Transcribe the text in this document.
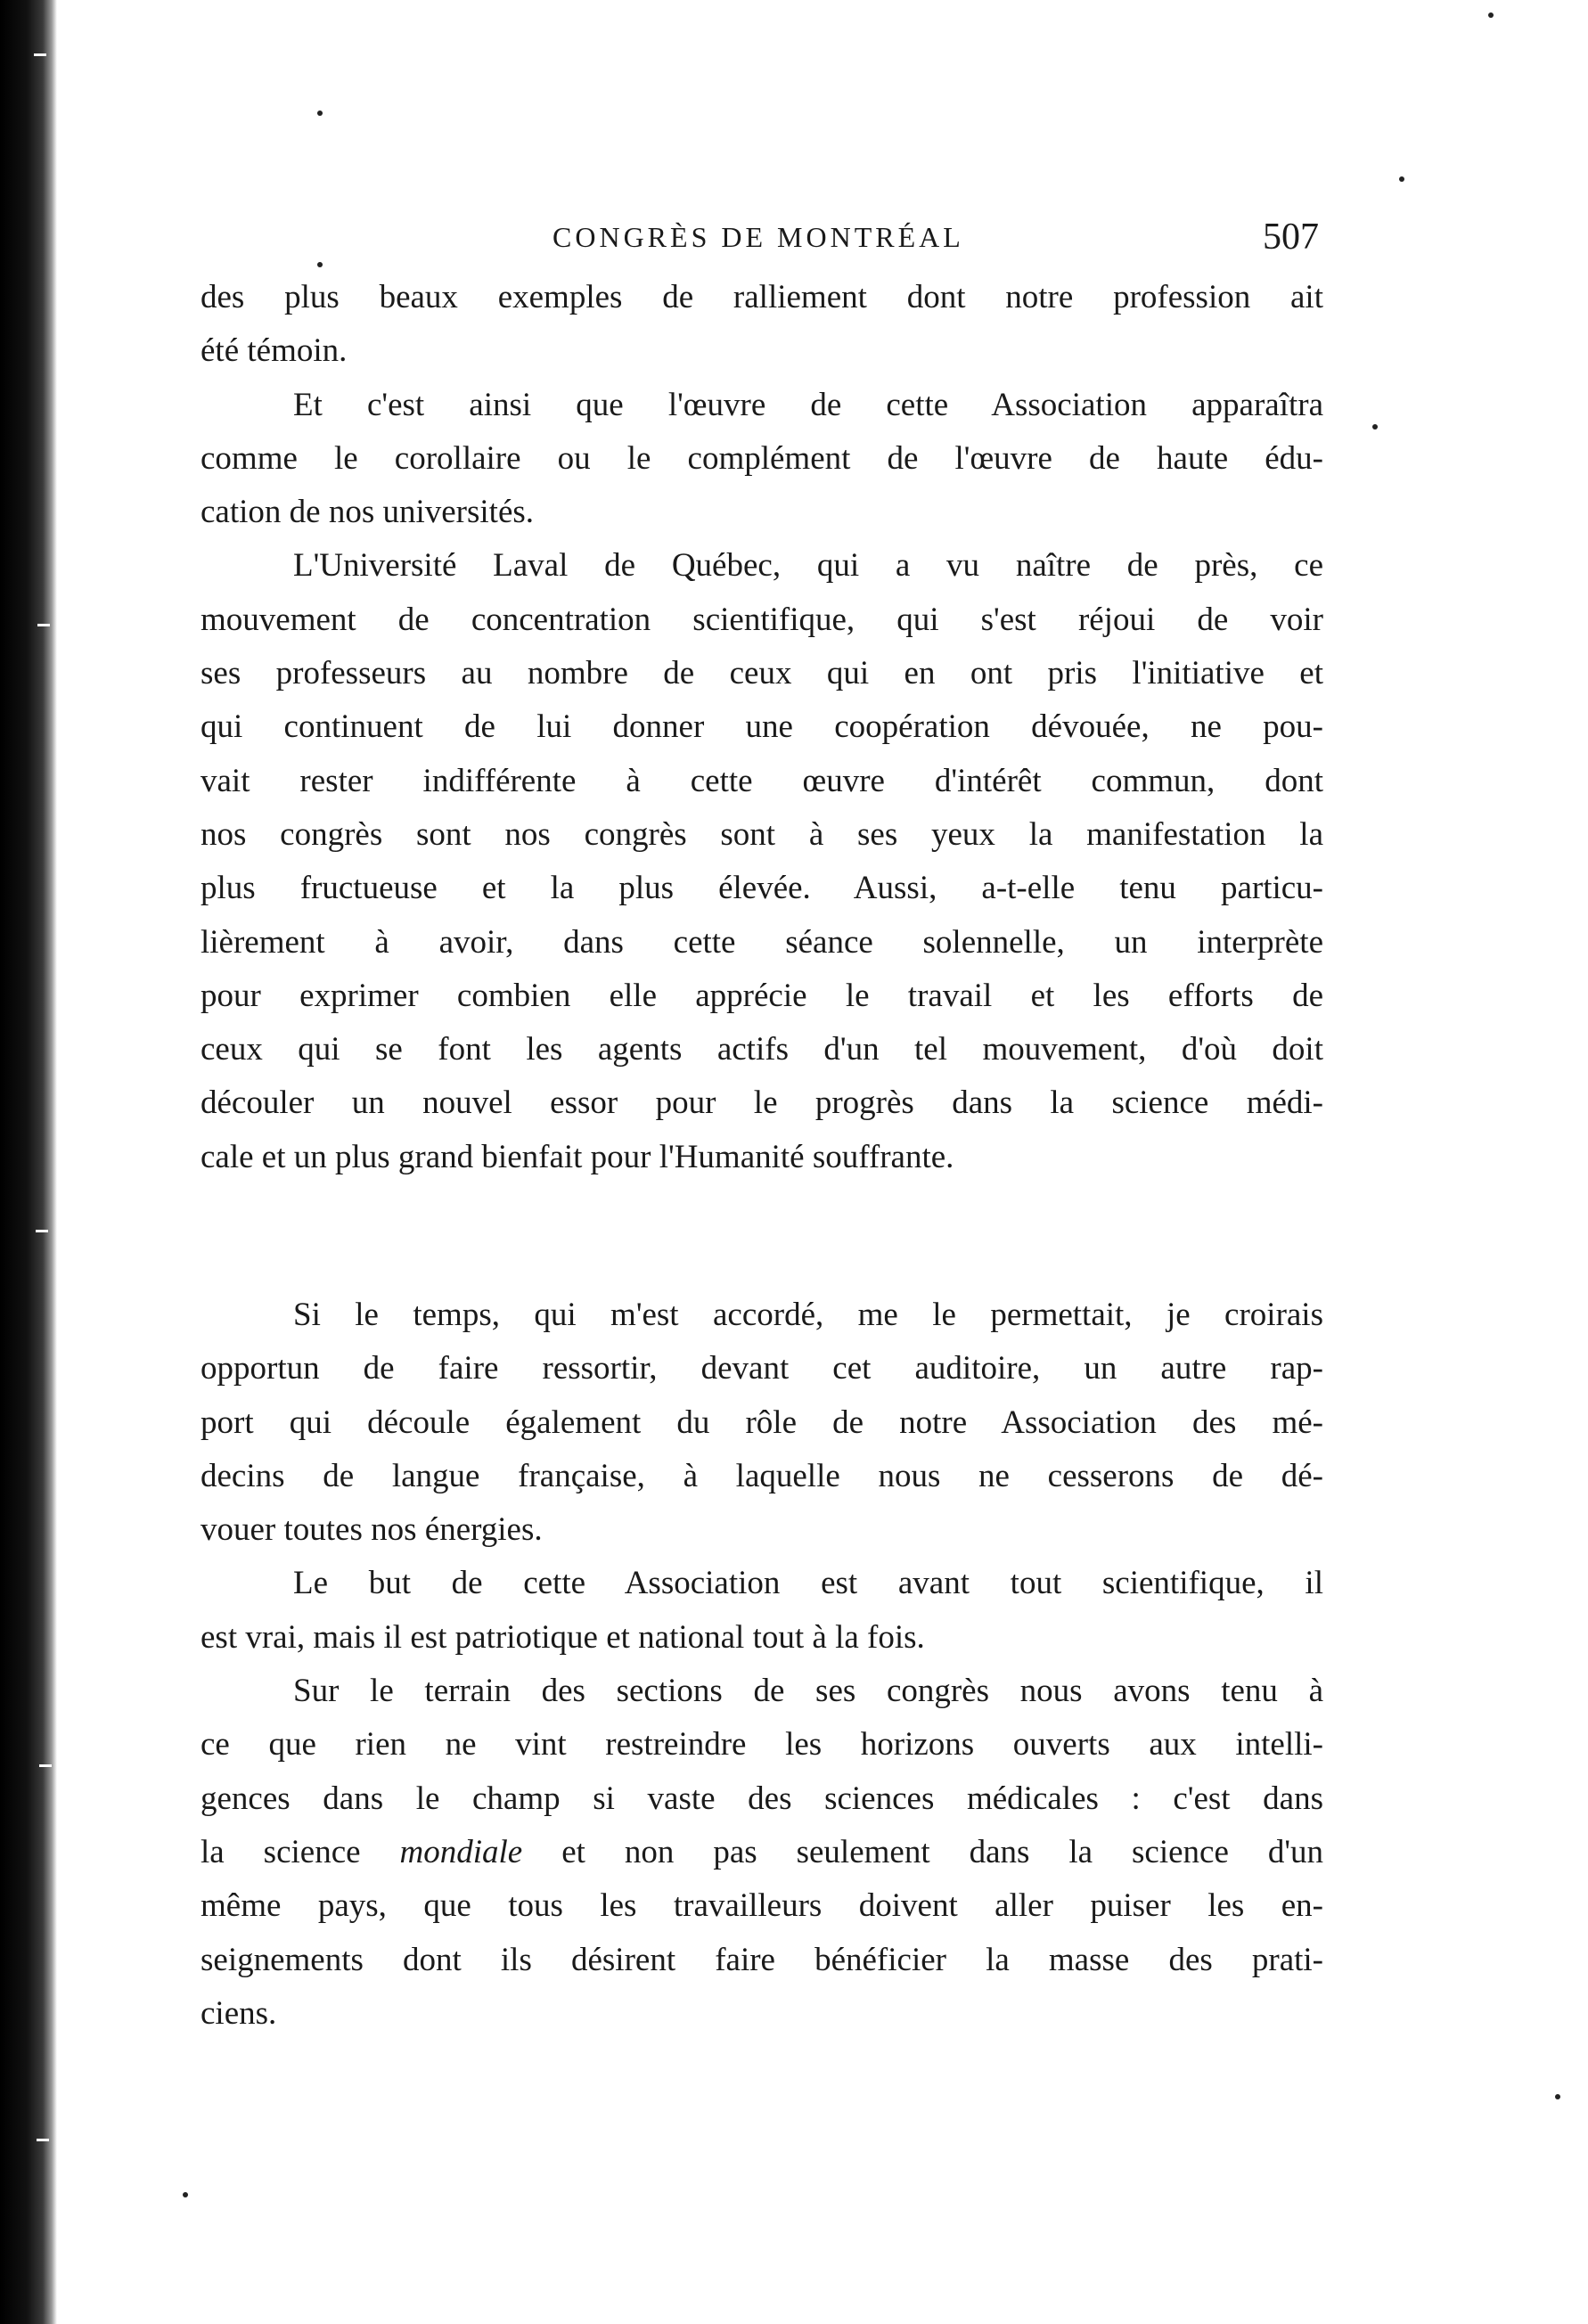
CONGRÈS DE MONTRÉAL	507
des plus beaux exemples de ralliement dont notre profession ait
été témoin.
Et c'est ainsi que l'œuvre de cette Association apparaîtra
comme le corollaire ou le complément de l'œuvre de haute édu-
cation de nos universités.
L'Université Laval de Québec, qui a vu naître de près, ce
mouvement de concentration scientifique, qui s'est réjoui de voir
ses professeurs au nombre de ceux qui en ont pris l'initiative et
qui continuent de lui donner une coopération dévouée, ne pou-
vait rester indifférente à cette œuvre d'intérêt commun, dont
nos congrès sont nos congrès sont à ses yeux la manifestation la
plus fructueuse et la plus élevée. Aussi, a-t-elle tenu particu-
lièrement à avoir, dans cette séance solennelle, un interprète
pour exprimer combien elle apprécie le travail et les efforts de
ceux qui se font les agents actifs d'un tel mouvement, d'où doit
découler un nouvel essor pour le progrès dans la science médi-
cale et un plus grand bienfait pour l'Humanité souffrante.
Si le temps, qui m'est accordé, me le permettait, je croirais
opportun de faire ressortir, devant cet auditoire, un autre rap-
port qui découle également du rôle de notre Association des mé-
decins de langue française, à laquelle nous ne cesserons de dé-
vouer toutes nos énergies.
Le but de cette Association est avant tout scientifique, il
est vrai, mais il est patriotique et national tout à la fois.
Sur le terrain des sections de ses congrès nous avons tenu à
ce que rien ne vint restreindre les horizons ouverts aux intelli-
gences dans le champ si vaste des sciences médicales : c'est dans
la science mondiale et non pas seulement dans la science d'un
même pays, que tous les travailleurs doivent aller puiser les en-
seignements dont ils désirent faire bénéficier la masse des prati-
ciens.
